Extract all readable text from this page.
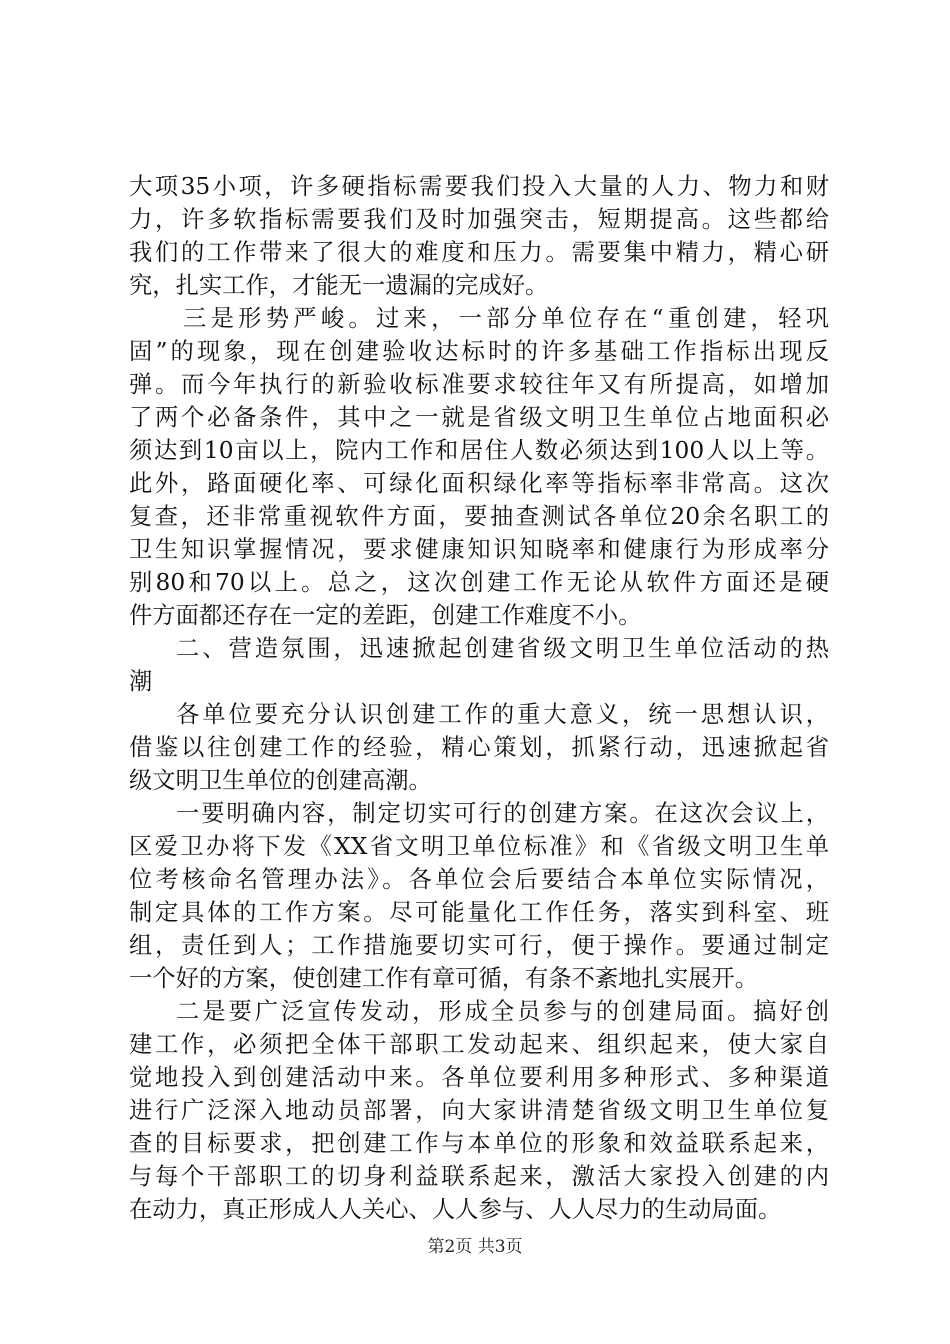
大项35小项，许多硬指标需要我们投入大量的人力、物力和财
力，许多软指标需要我们及时加强突击，短期提高。这些都给
我们的工作带来了很大的难度和压力。需要集中精力，精心研
究，扎实工作，才能无一遗漏的完成好。
三是形势严峻。过来，一部分单位存在“重创建，轻巩
固”的现象，现在创建验收达标时的许多基础工作指标出现反
弹。而今年执行的新验收标准要求较往年又有所提高，如增加
了两个必备条件，其中之一就是省级文明卫生单位占地面积必
须达到10亩以上，院内工作和居住人数必须达到100人以上等。
此外，路面硬化率、可绿化面积绿化率等指标率非常高。这次
复查，还非常重视软件方面，要抽查测试各单位20余名职工的
卫生知识掌握情况，要求健康知识知晓率和健康行为形成率分
别80和70以上。总之，这次创建工作无论从软件方面还是硬
件方面都还存在一定的差距，创建工作难度不小。
二、营造氛围，迅速掀起创建省级文明卫生单位活动的热
潮
各单位要充分认识创建工作的重大意义，统一思想认识，
借鉴以往创建工作的经验，精心策划，抓紧行动，迅速掀起省
级文明卫生单位的创建高潮。
一要明确内容，制定切实可行的创建方案。在这次会议上，
区爱卫办将下发《XX省文明卫单位标准》和《省级文明卫生单
位考核命名管理办法》。各单位会后要结合本单位实际情况，
制定具体的工作方案。尽可能量化工作任务，落实到科室、班
组，责任到人；工作措施要切实可行，便于操作。要通过制定
一个好的方案，使创建工作有章可循，有条不紊地扎实展开。
二是要广泛宣传发动，形成全员参与的创建局面。搞好创
建工作，必须把全体干部职工发动起来、组织起来，使大家自
觉地投入到创建活动中来。各单位要利用多种形式、多种渠道
进行广泛深入地动员部署，向大家讲清楚省级文明卫生单位复
查的目标要求，把创建工作与本单位的形象和效益联系起来，
与每个干部职工的切身利益联系起来，激活大家投入创建的内
在动力，真正形成人人关心、人人参与、人人尽力的生动局面。
第2页 共3页
